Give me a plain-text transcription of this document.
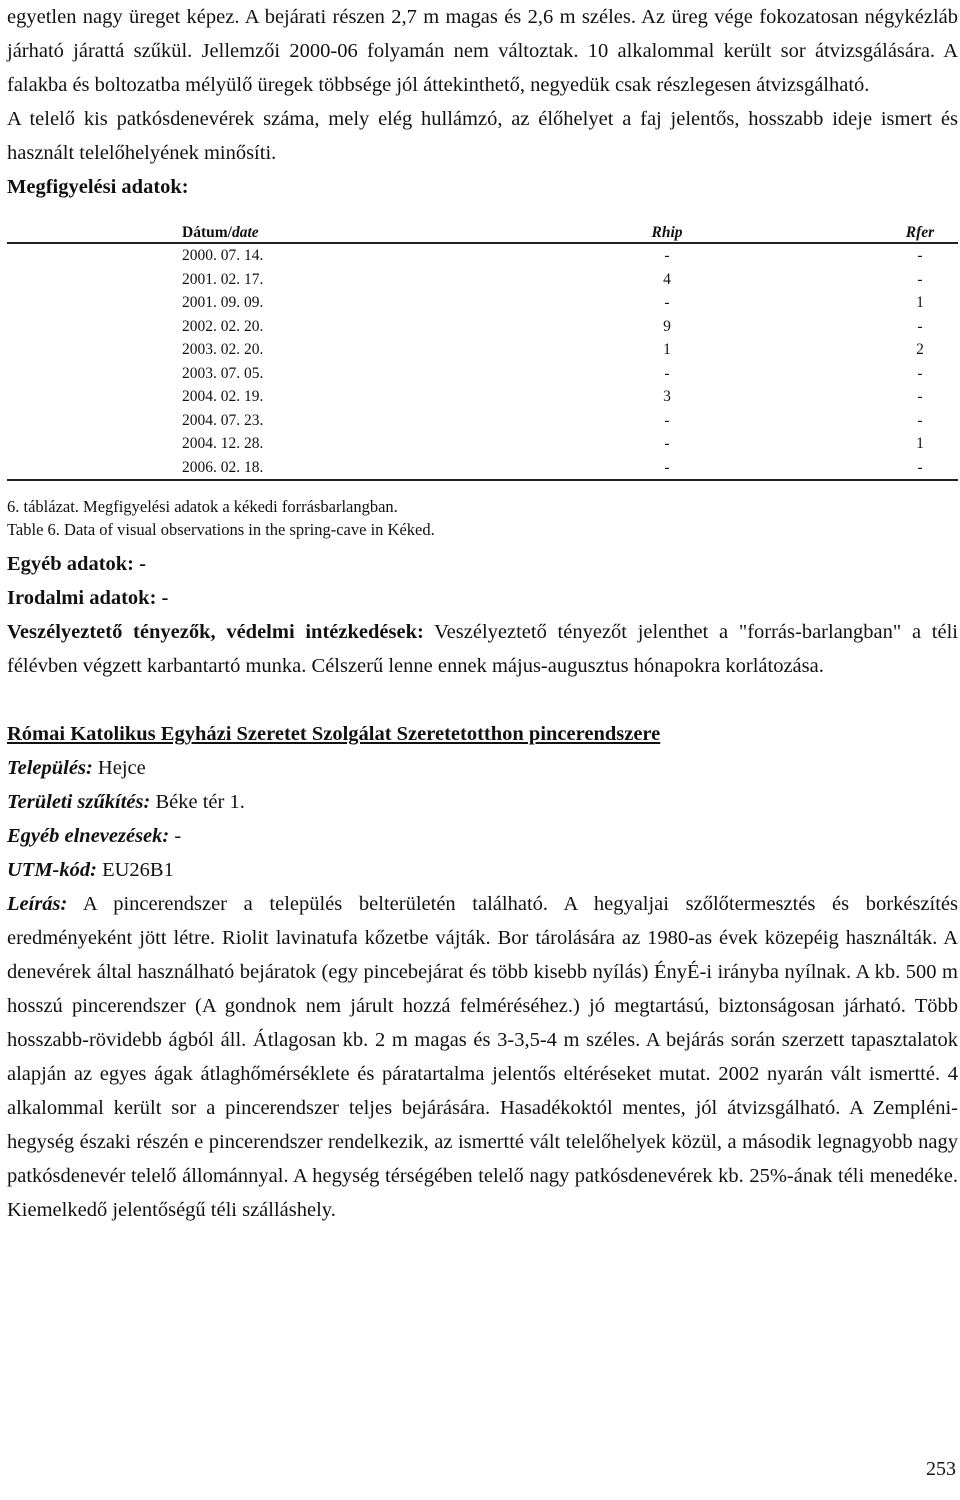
egyetlen nagy üreget képez. A bejárati részen 2,7 m magas és 2,6 m széles. Az üreg vége fokozatosan négykézláb járható járattá szűkül. Jellemzői 2000-06 folyamán nem változtak. 10 alkalommal került sor átvizsgálására. A falakba és boltozatba mélyülő üregek többsége jól áttekinthető, negyedük csak részlegesen átvizsgálható.

A telelő kis patkósdenevérek száma, mely elég hullámzó, az élőhelyet a faj jelentős, hosszabb ideje ismert és használt telelőhelyének minősíti.

Megfigyelési adatok:

Dátum/date	Rhip	Rfer
2000. 07. 14.	-	-
2001. 02. 17.	4	-
2001. 09. 09.	-	1
2002. 02. 20.	9	-
2003. 02. 20.	1	2
2003. 07. 05.	-	-
2004. 02. 19.	3	-
2004. 07. 23.	-	-
2004. 12. 28.	-	1
2006. 02. 18.	-	-

6. táblázat. Megfigyelési adatok a kékedi forrásbarlangban.

Table 6. Data of visual observations in the spring-cave in Kéked.

Egyéb adatok: -

Irodalmi adatok: -

Veszélyeztető tényezők, védelmi intézkedések: Veszélyeztető tényezőt jelenthet a "forrás-barlangban" a téli félévben végzett karbantartó munka. Célszerű lenne ennek május-augusztus hónapokra korlátozása.

Római Katolikus Egyházi Szeretet Szolgálat Szeretetotthon pincerendszere

Település: Hejce

Területi szűkítés: Béke tér 1.

Egyéb elnevezések: -

UTM-kód: EU26B1

Leírás: A pincerendszer a település belterületén található. A hegyaljai szőlőtermesztés és borkészítés eredményeként jött létre. Riolit lavinatufa kőzetbe vájták. Bor tárolására az 1980-as évek közepéig használták. A denevérek által használható bejáratok (egy pincebejárat és több kisebb nyílás) ÉnyÉ-i irányba nyílnak. A kb. 500 m hosszú pincerendszer (A gondnok nem járult hozzá felméréséhez.) jó megtartású, biztonságosan járható. Több hosszabb-rövidebb ágból áll. Átlagosan kb. 2 m magas és 3-3,5-4 m széles. A bejárás során szerzett tapasztalatok alapján az egyes ágak átlaghőmérséklete és páratartalma jelentős eltéréseket mutat. 2002 nyarán vált ismertté. 4 alkalommal került sor a pincerendszer teljes bejárására. Hasadékoktól mentes, jól átvizsgálható. A Zempléni-hegység északi részén e pincerendszer rendelkezik, az ismertté vált telelőhelyek közül, a második legnagyobb nagy patkósdenevér telelő állománnyal. A hegység térségében telelő nagy patkósdenevérek kb. 25%-ának téli menedéke. Kiemelkedő jelentőségű téli szálláshely.

253
